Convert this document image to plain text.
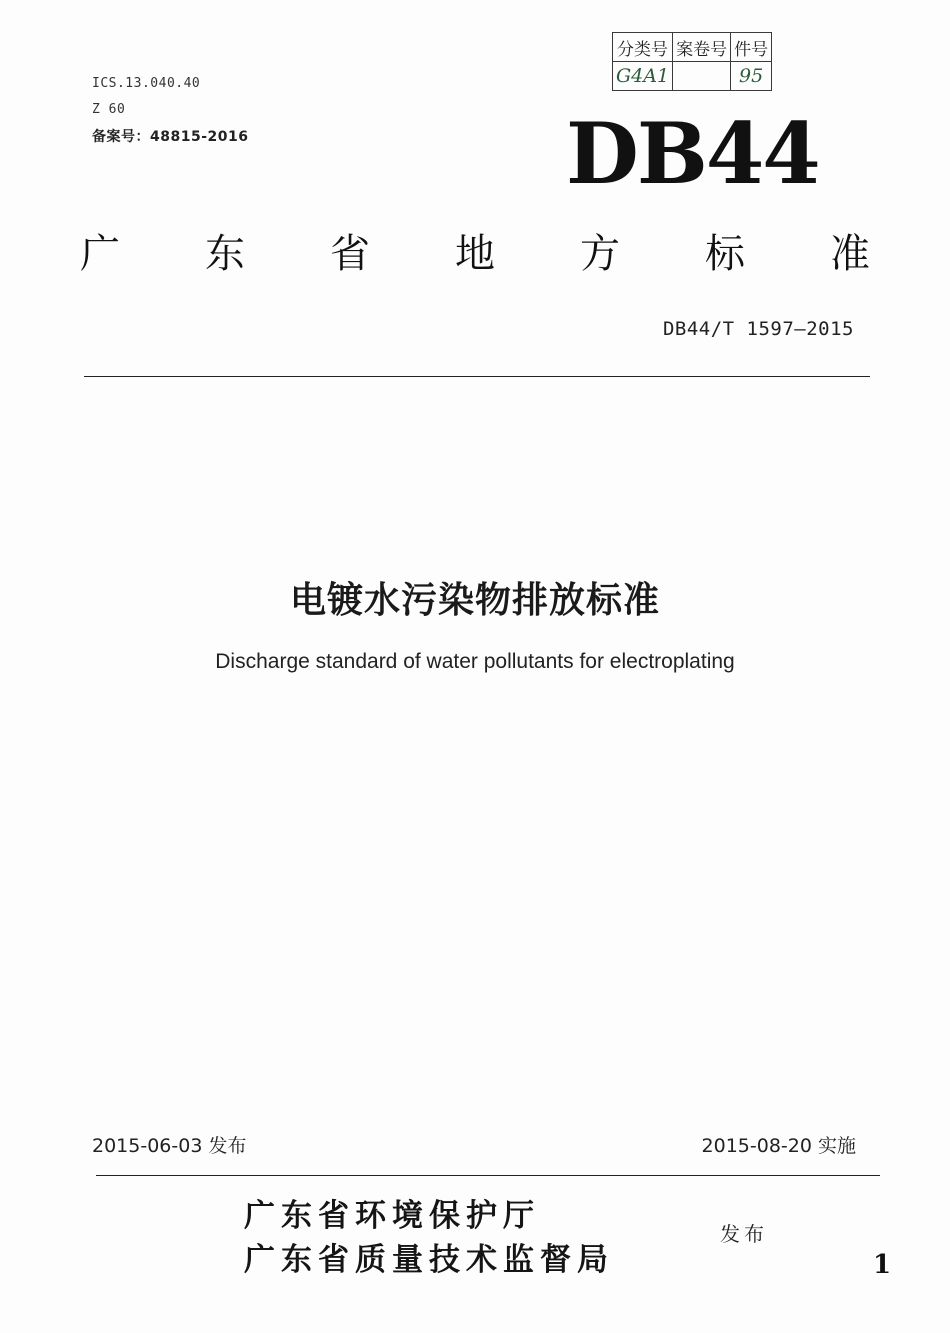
ICS.13.040.40
Z 60
备案号：48815-2016
分类号	案卷号	件号
G4A1		95
DB44
广 东 省 地 方 标 准
DB44/T 1597—2015
电镀水污染物排放标准
Discharge standard of water pollutants for electroplating
2015-06-03 发布	2015-08-20 实施
广东省环境保护厅
广东省质量技术监督局
发布
1
